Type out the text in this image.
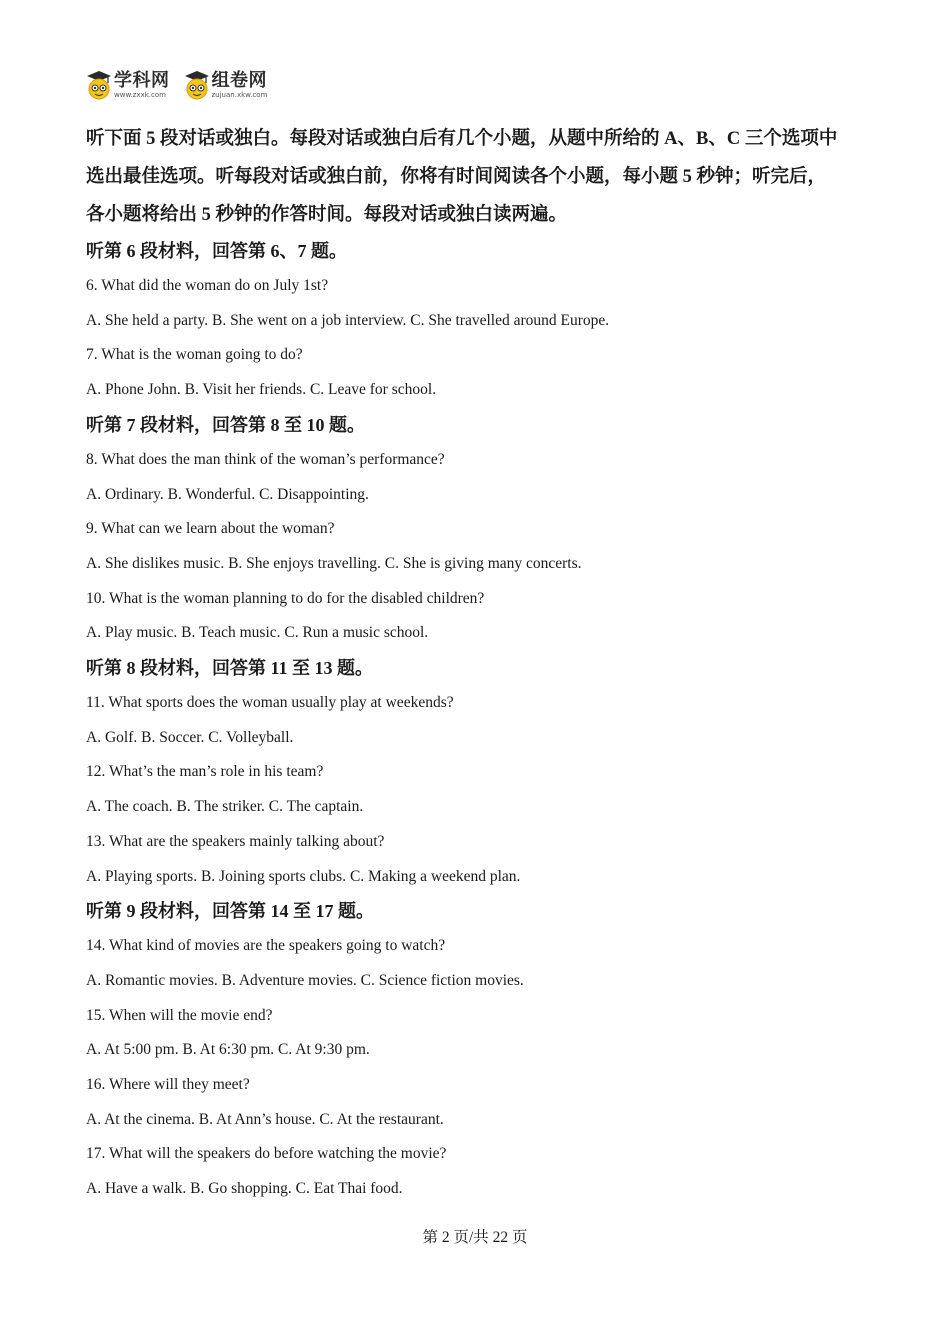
学科网
www.zxxk.com
组卷网
zujuan.xkw.com

听下面 5 段对话或独白。每段对话或独白后有几个小题，从题中所给的 A、B、C 三个选项中

选出最佳选项。听每段对话或独白前，你将有时间阅读各个小题，每小题 5 秒钟；听完后，

各小题将给出 5 秒钟的作答时间。每段对话或独白读两遍。

听第 6 段材料，回答第 6、7 题。

6. What did the woman do on July 1st?

A. She held a party. B. She went on a job interview. C. She travelled around Europe.

7. What is the woman going to do?

A. Phone John. B. Visit her friends. C. Leave for school.

听第 7 段材料，回答第 8 至 10 题。

8. What does the man think of the woman’s performance?

A. Ordinary. B. Wonderful. C. Disappointing.

9. What can we learn about the woman?

A. She dislikes music. B. She enjoys travelling. C. She is giving many concerts.

10. What is the woman planning to do for the disabled children?

A. Play music. B. Teach music. C. Run a music school.

听第 8 段材料，回答第 11 至 13 题。

11. What sports does the woman usually play at weekends?

A. Golf. B. Soccer. C. Volleyball.

12. What’s the man’s role in his team?

A. The coach. B. The striker. C. The captain.

13. What are the speakers mainly talking about?

A. Playing sports. B. Joining sports clubs. C. Making a weekend plan.

听第 9 段材料，回答第 14 至 17 题。

14. What kind of movies are the speakers going to watch?

A. Romantic movies. B. Adventure movies. C. Science fiction movies.

15. When will the movie end?

A. At 5:00 pm. B. At 6:30 pm. C. At 9:30 pm.

16. Where will they meet?

A. At the cinema. B. At Ann’s house. C. At the restaurant.

17. What will the speakers do before watching the movie?

A. Have a walk. B. Go shopping. C. Eat Thai food.

第 2 页/共 22 页
